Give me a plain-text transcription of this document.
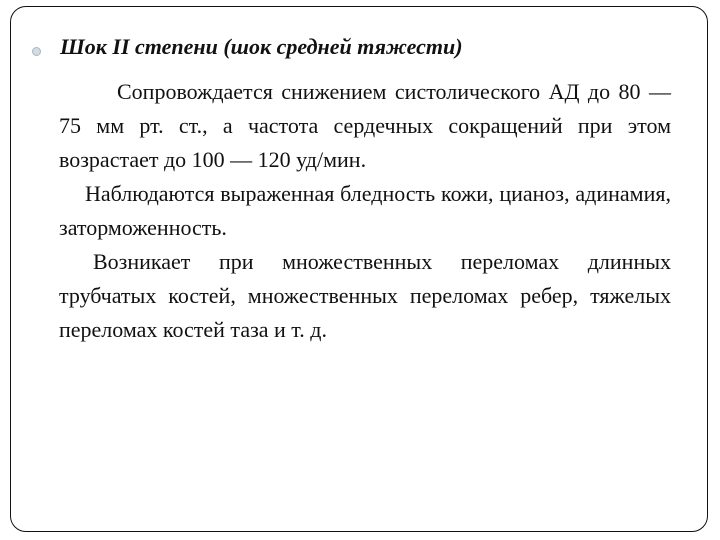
Шок II степени (шок средней тяжести)

Сопровождается снижением систолического АД до 80 — 75 мм рт. ст., а частота сердечных сокращений при этом возрастает до 100 — 120 уд/мин.

Наблюдаются выраженная бледность кожи, цианоз, адинамия, заторможенность.

Возникает при множественных переломах длинных трубчатых костей, множественных переломах ребер, тяжелых переломах костей таза и т. д.
